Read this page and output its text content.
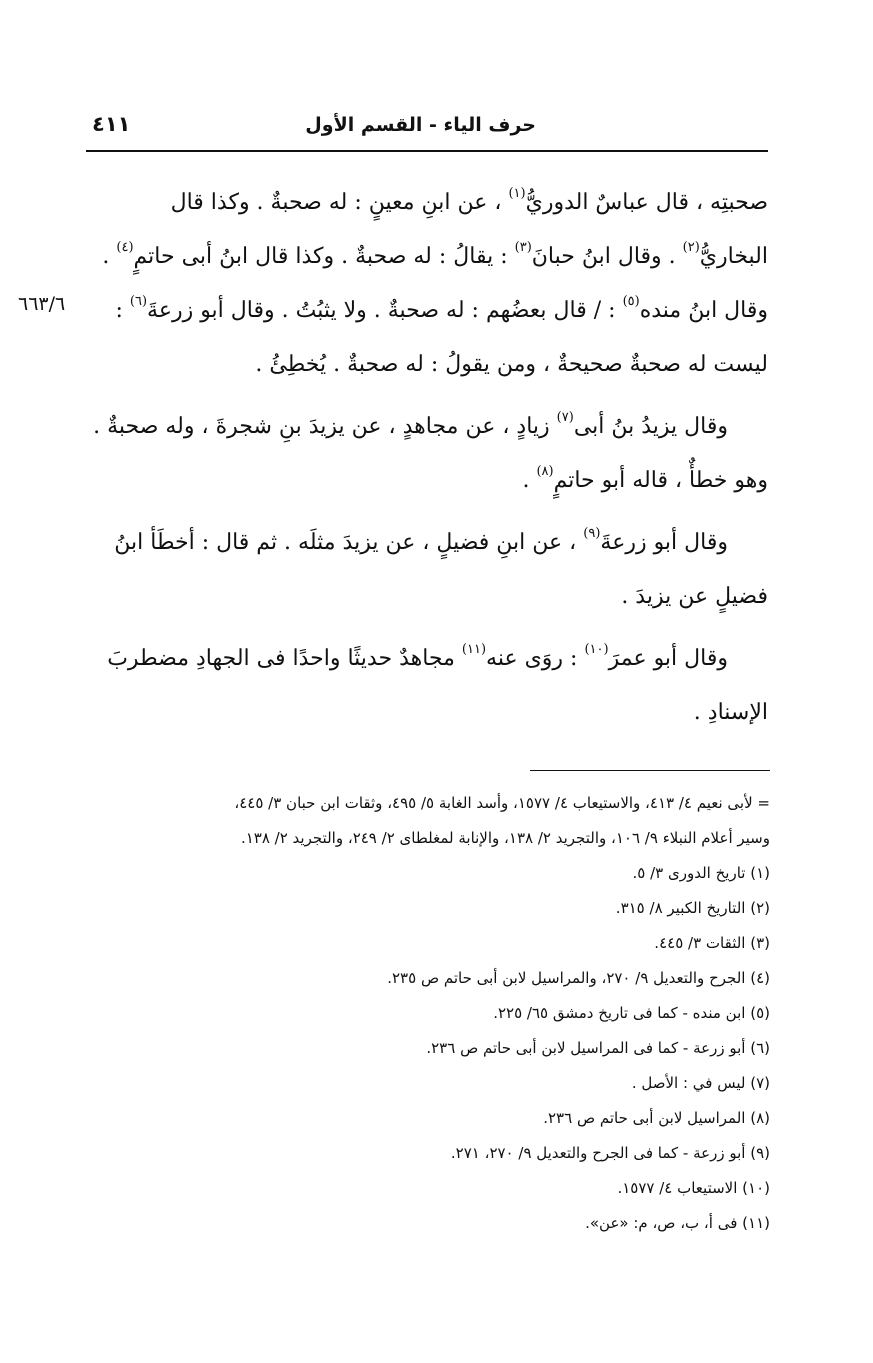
حرف الياء - القسم الأول
٤١١
٦٦٣/٦
صحبتِه ، قال عباسٌ الدوريُّ$^{(١)}$ ، عن ابنِ معينٍ : له صحبةٌ . وكذا قال
البخاريُّ$^{(٢)}$ . وقال ابنُ حبانَ$^{(٣)}$ : يقالُ : له صحبةٌ . وكذا قال ابنُ أبى حاتمٍ$^{(٤)}$ .
وقال ابنُ منده$^{(٥)}$ : / قال بعضُهم : له صحبةٌ . ولا يثبُتُ . وقال أبو زرعةَ$^{(٦)}$ :
ليست له صحبةٌ صحيحةٌ ، ومن يقولُ : له صحبةٌ . يُخطِئُ .
وقال يزيدُ بنُ أبى$^{(٧)}$ زيادٍ ، عن مجاهدٍ ، عن يزيدَ بنِ شجرةَ ، وله صحبةٌ .
وهو خطأٌ ، قاله أبو حاتمٍ$^{(٨)}$ .
وقال أبو زرعةَ$^{(٩)}$ ، عن ابنِ فضيلٍ ، عن يزيدَ مثلَه . ثم قال : أخطَأ ابنُ
فضيلٍ عن يزيدَ .
وقال أبو عمرَ$^{(١٠)}$ : روَى عنه$^{(١١)}$ مجاهدٌ حديثًا واحدًا فى الجهادِ مضطربَ
الإسنادِ .
= لأبى نعيم ٤/ ٤١٣، والاستيعاب ٤/ ١٥٧٧، وأسد الغابة ٥/ ٤٩٥، وثقات ابن حبان ٣/ ٤٤٥،
وسير أعلام النبلاء ٩/ ١٠٦، والتجريد ٢/ ١٣٨، والإنابة لمغلطاى ٢/ ٢٤٩، والتجريد ٢/ ١٣٨.
(١) تاريخ الدورى ٣/ ٥.
(٢) التاريخ الكبير ٨/ ٣١٥.
(٣) الثقات ٣/ ٤٤٥.
(٤) الجرح والتعديل ٩/ ٢٧٠، والمراسيل لابن أبى حاتم ص ٢٣٥.
(٥) ابن منده - كما فى تاريخ دمشق ٦٥/ ٢٢٥.
(٦) أبو زرعة - كما فى المراسيل لابن أبى حاتم ص ٢٣٦.
(٧) ليس في : الأصل .
(٨) المراسيل لابن أبى حاتم ص ٢٣٦.
(٩) أبو زرعة - كما فى الجرح والتعديل ٩/ ٢٧٠، ٢٧١.
(١٠) الاستيعاب ٤/ ١٥٧٧.
(١١) فى أ، ب، ص، م: «عن».
